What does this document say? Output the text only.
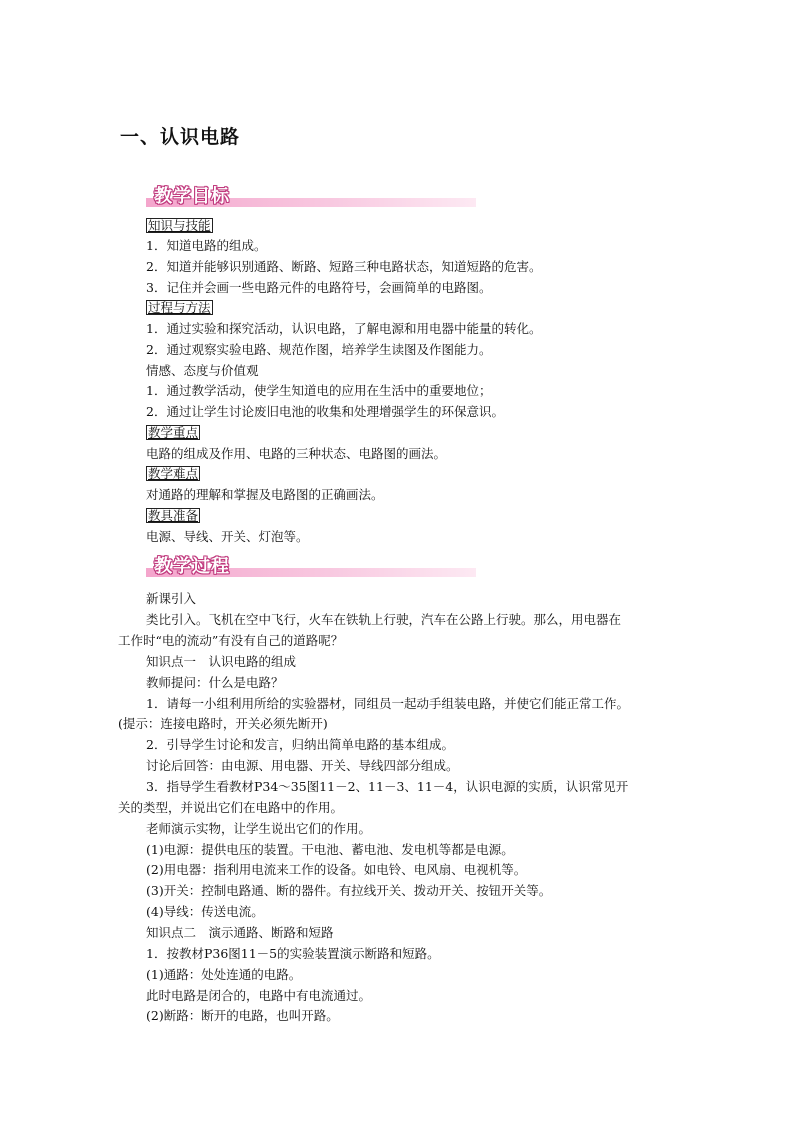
一、认识电路
教学目标
知识与技能
1．知道电路的组成。
2．知道并能够识别通路、断路、短路三种电路状态，知道短路的危害。
3．记住并会画一些电路元件的电路符号，会画简单的电路图。
过程与方法
1．通过实验和探究活动，认识电路，了解电源和用电器中能量的转化。
2．通过观察实验电路、规范作图，培养学生读图及作图能力。
情感、态度与价值观
1．通过教学活动，使学生知道电的应用在生活中的重要地位；
2．通过让学生讨论废旧电池的收集和处理增强学生的环保意识。
教学重点
电路的组成及作用、电路的三种状态、电路图的画法。
教学难点
对通路的理解和掌握及电路图的正确画法。
教具准备
电源、导线、开关、灯泡等。
教学过程
新课引入
类比引入。飞机在空中飞行，火车在铁轨上行驶，汽车在公路上行驶。那么，用电器在
工作时“电的流动”有没有自己的道路呢？
知识点一　认识电路的组成
教师提问：什么是电路？
1．请每一小组利用所给的实验器材，同组员一起动手组装电路，并使它们能正常工作。
(提示：连接电路时，开关必须先断开)
2．引导学生讨论和发言，归纳出简单电路的基本组成。
讨论后回答：由电源、用电器、开关、导线四部分组成。
3．指导学生看教材P34～35图11－2、11－3、11－4，认识电源的实质，认识常见开
关的类型，并说出它们在电路中的作用。
老师演示实物，让学生说出它们的作用。
(1)电源：提供电压的装置。干电池、蓄电池、发电机等都是电源。
(2)用电器：指利用电流来工作的设备。如电铃、电风扇、电视机等。
(3)开关：控制电路通、断的器件。有拉线开关、拨动开关、按钮开关等。
(4)导线：传送电流。
知识点二　演示通路、断路和短路
1．按教材P36图11－5的实验装置演示断路和短路。
(1)通路：处处连通的电路。
此时电路是闭合的，电路中有电流通过。
(2)断路：断开的电路，也叫开路。
